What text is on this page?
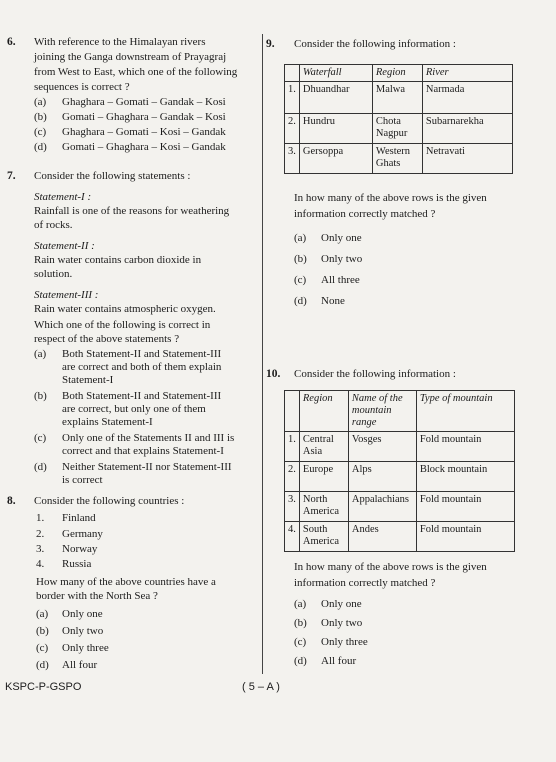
6. With reference to the Himalayan rivers
joining the Ganga downstream of Prayagraj
from West to East, which one of the following
sequences is correct ?
(a) Ghaghara – Gomati – Gandak – Kosi
(b) Gomati – Ghaghara – Gandak – Kosi
(c) Ghaghara – Gomati – Kosi – Gandak
(d) Gomati – Ghaghara – Kosi – Gandak
7. Consider the following statements :
Statement-I :
Rainfall is one of the reasons for weathering
of rocks.
Statement-II :
Rain water contains carbon dioxide in
solution.
Statement-III :
Rain water contains atmospheric oxygen.
Which one of the following is correct in
respect of the above statements ?
(a) Both Statement-II and Statement-III
are correct and both of them explain
Statement-I
(b) Both Statement-II and Statement-III
are correct, but only one of them
explains Statement-I
(c) Only one of the Statements II and III is
correct and that explains Statement-I
(d) Neither Statement-II nor Statement-III
is correct
8. Consider the following countries :
1. Finland
2. Germany
3. Norway
4. Russia
How many of the above countries have a
border with the North Sea ?
(a) Only one
(b) Only two
(c) Only three
(d) All four
9. Consider the following information :
	Waterfall	Region	River
1.	Dhuandhar	Malwa	Narmada
2.	Hundru	Chota Nagpur	Subarnarekha
3.	Gersoppa	Western Ghats	Netravati
In how many of the above rows is the given
information correctly matched ?
(a) Only one
(b) Only two
(c) All three
(d) None
10. Consider the following information :
	Region	Name of the mountain range	Type of mountain
1.	Central Asia	Vosges	Fold mountain
2.	Europe	Alps	Block mountain
3.	North America	Appalachians	Fold mountain
4.	South America	Andes	Fold mountain
In how many of the above rows is the given
information correctly matched ?
(a) Only one
(b) Only two
(c) Only three
(d) All four
KSPC-P-GSPO	( 5 – A )
